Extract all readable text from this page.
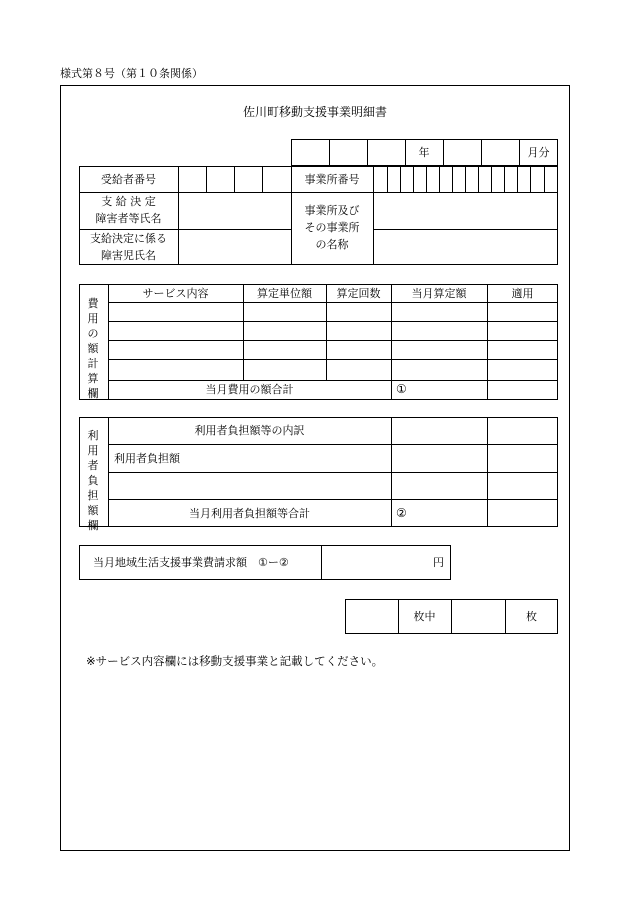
様式第８号（第１０条関係）
佐川町移動支援事業明細書
年	月分
受給者番号
支 給 決 定
障害者等氏名
支給決定に係る
障害児氏名
事業所番号
事業所及び
その事業所
の名称
費用の額計算欄
サービス内容	算定単位額	算定回数	当月算定額	適用
当月費用の額合計	①
利用者負担額欄
利用者負担額等の内訳
利用者負担額
当月利用者負担額等合計	②
当月地域生活支援事業費請求額　①ー②	円
枚中	枚
※サービス内容欄には移動支援事業と記載してください。
